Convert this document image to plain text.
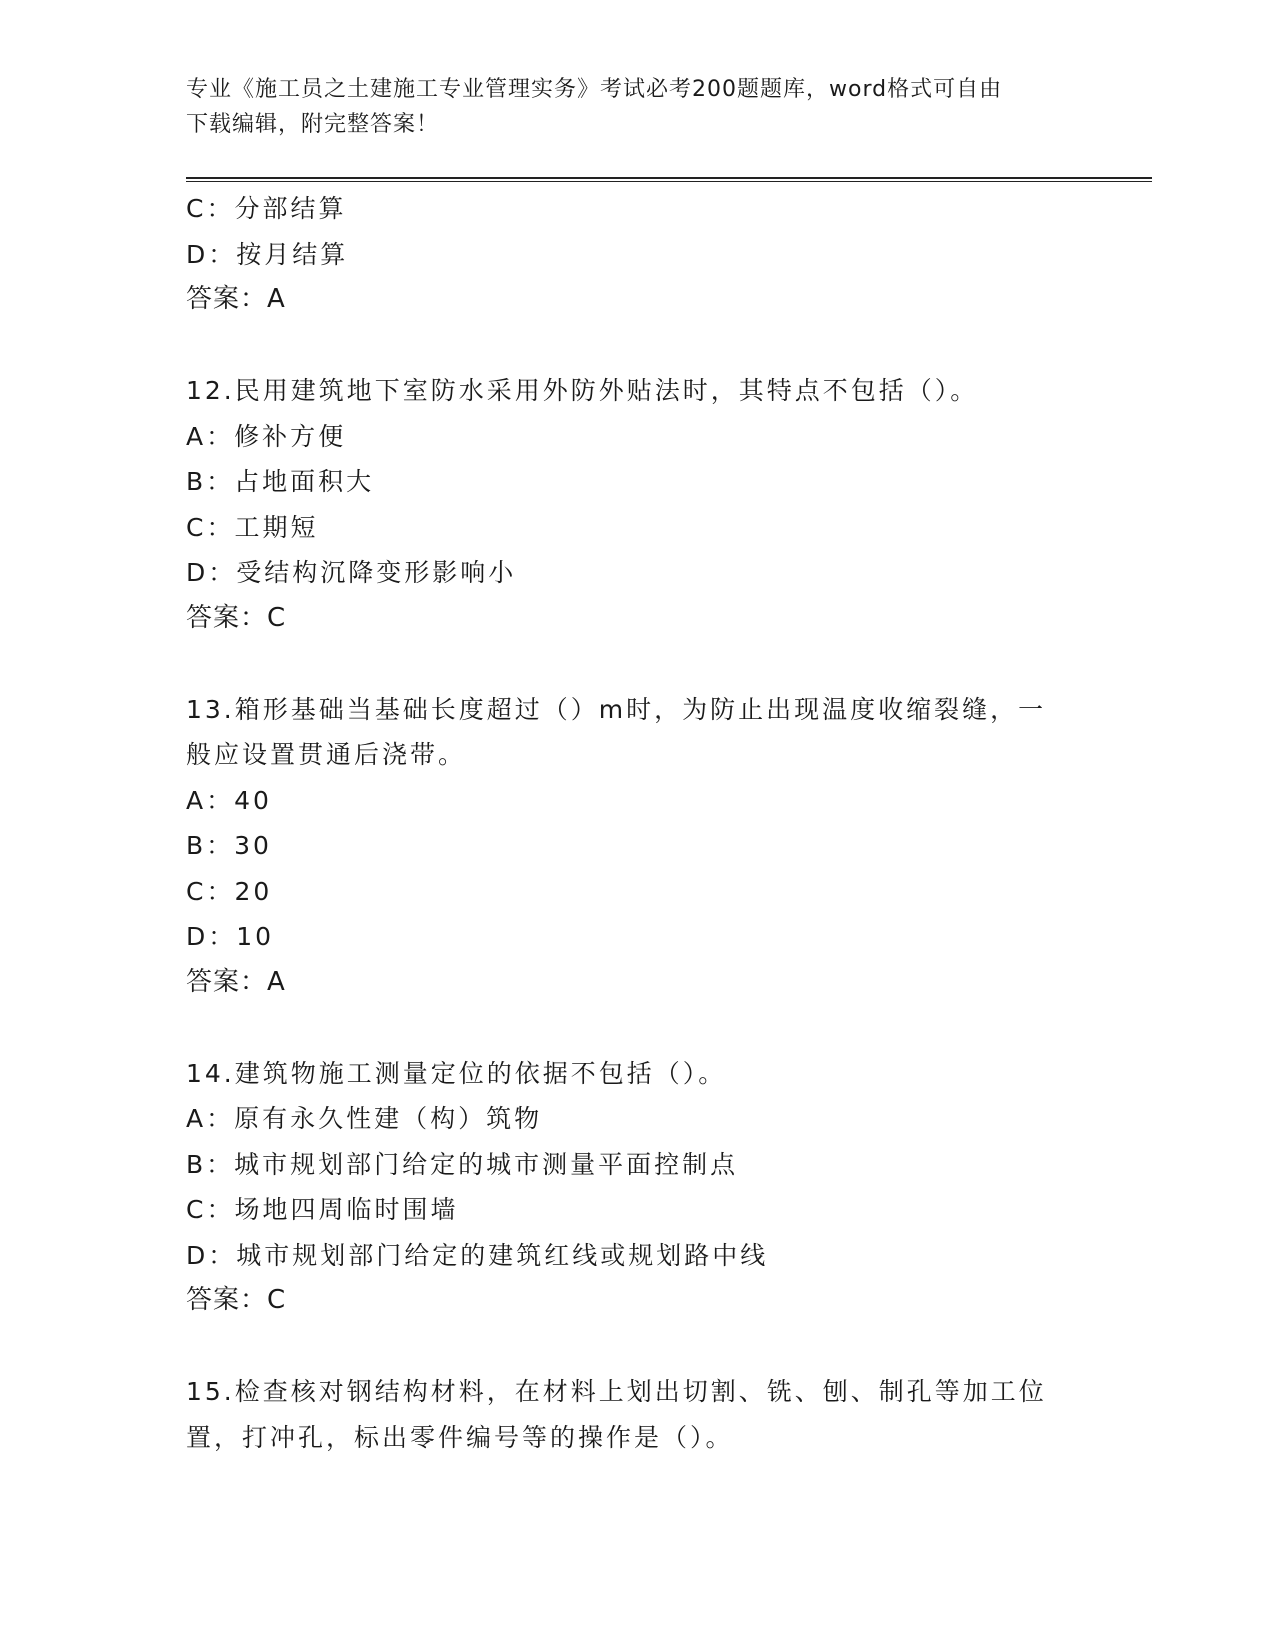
专业《施工员之土建施工专业管理实务》考试必考200题题库，word格式可自由
下载编辑，附完整答案！
C：分部结算
D：按月结算
答案：A
12.民用建筑地下室防水采用外防外贴法时，其特点不包括（）。
A：修补方便
B：占地面积大
C：工期短
D：受结构沉降变形影响小
答案：C
13.箱形基础当基础长度超过（）m时，为防止出现温度收缩裂缝，一
般应设置贯通后浇带。
A：40
B：30
C：20
D：10
答案：A
14.建筑物施工测量定位的依据不包括（）。
A：原有永久性建（构）筑物
B：城市规划部门给定的城市测量平面控制点
C：场地四周临时围墙
D：城市规划部门给定的建筑红线或规划路中线
答案：C
15.检查核对钢结构材料，在材料上划出切割、铣、刨、制孔等加工位
置，打冲孔，标出零件编号等的操作是（）。
